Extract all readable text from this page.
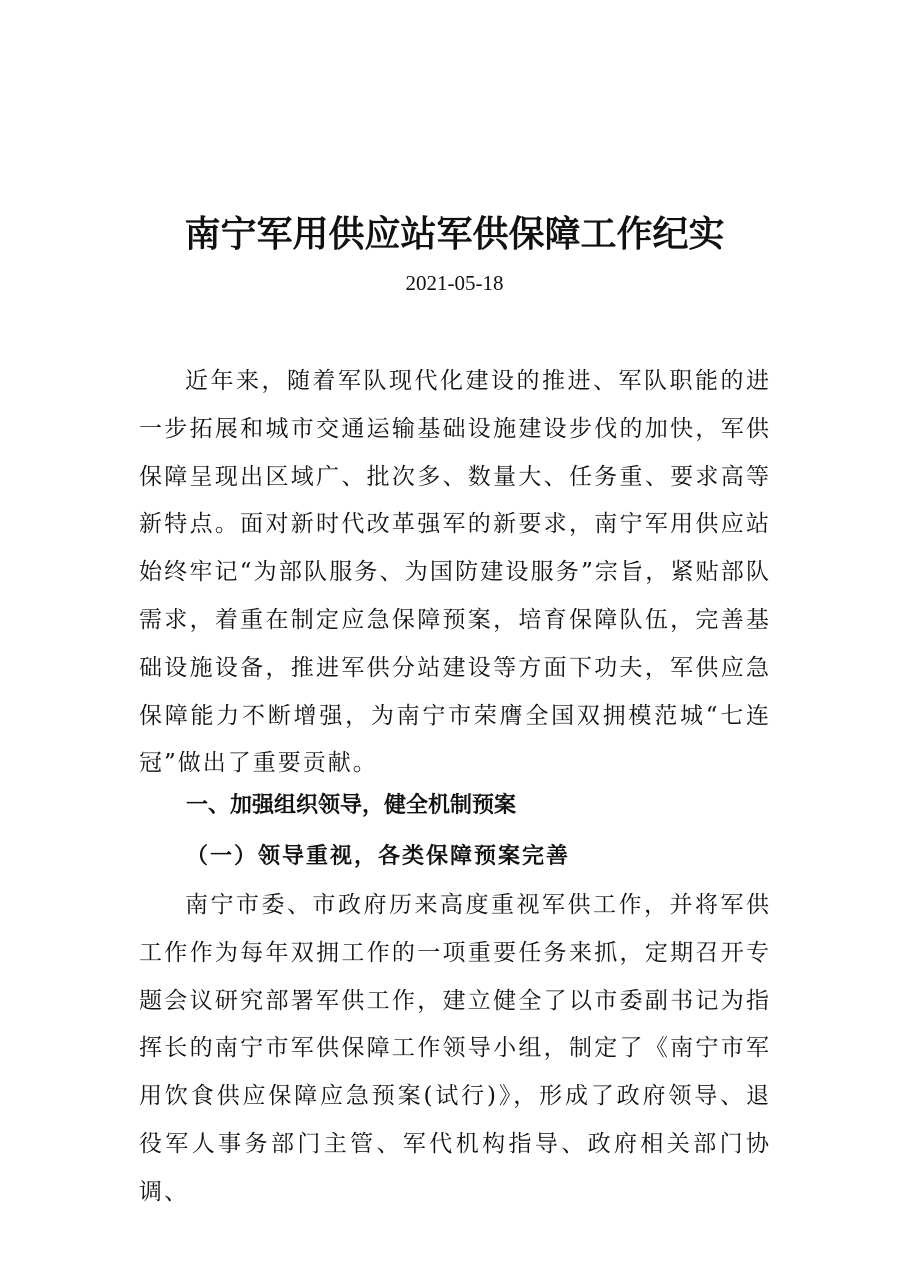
南宁军用供应站军供保障工作纪实
2021-05-18

近年来，随着军队现代化建设的推进、军队职能的进一步拓展和城市交通运输基础设施建设步伐的加快，军供保障呈现出区域广、批次多、数量大、任务重、要求高等新特点。面对新时代改革强军的新要求，南宁军用供应站始终牢记“为部队服务、为国防建设服务”宗旨，紧贴部队需求，着重在制定应急保障预案，培育保障队伍，完善基础设施设备，推进军供分站建设等方面下功夫，军供应急保障能力不断增强，为南宁市荣膺全国双拥模范城“七连冠”做出了重要贡献。

一、加强组织领导，健全机制预案
（一）领导重视，各类保障预案完善

南宁市委、市政府历来高度重视军供工作，并将军供工作作为每年双拥工作的一项重要任务来抓，定期召开专题会议研究部署军供工作，建立健全了以市委副书记为指挥长的南宁市军供保障工作领导小组，制定了《南宁市军用饮食供应保障应急预案(试行)》，形成了政府领导、退役军人事务部门主管、军代机构指导、政府相关部门协调、
